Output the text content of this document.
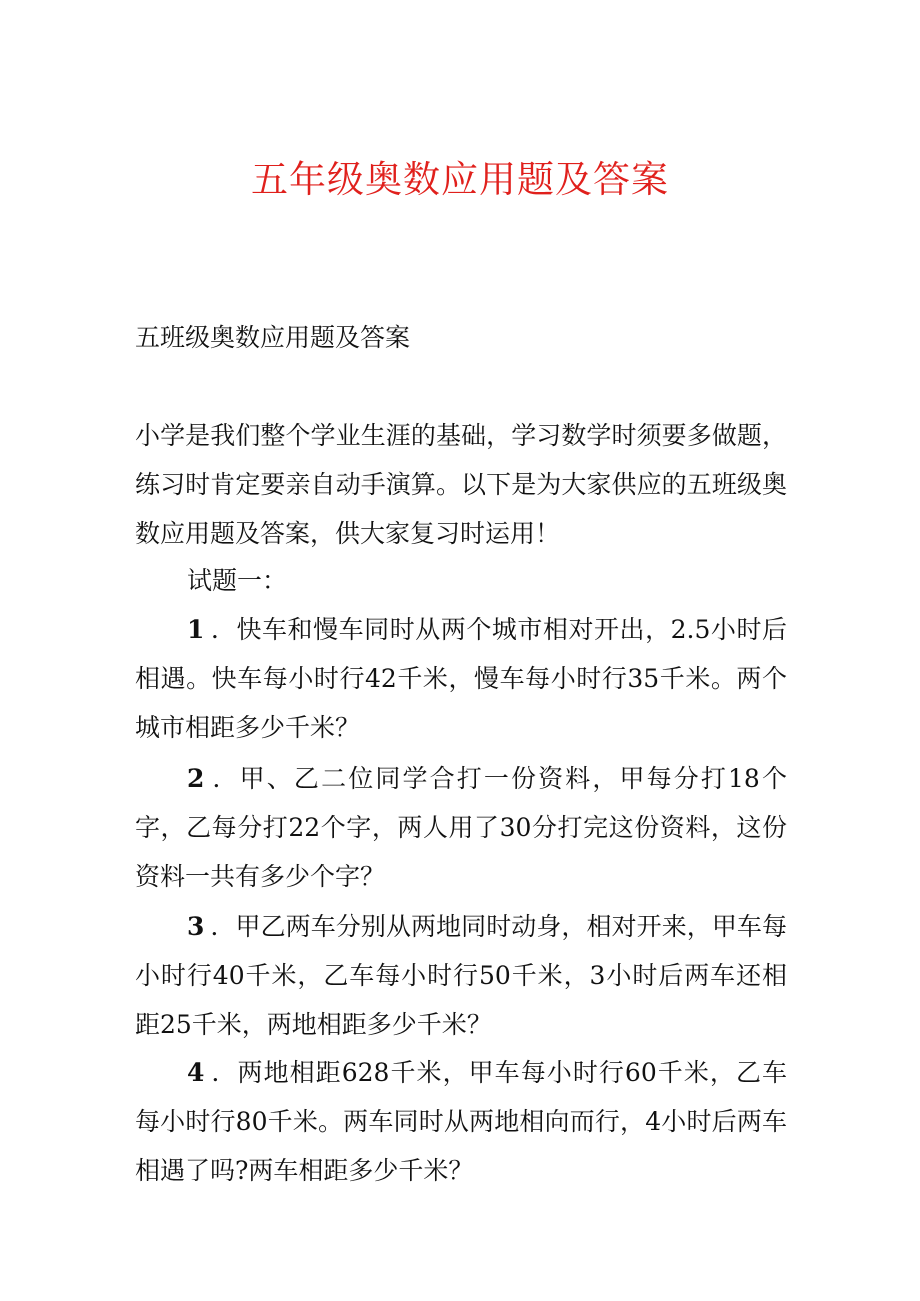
五年级奥数应用题及答案

五班级奥数应用题及答案

小学是我们整个学业生涯的基础，学习数学时须要多做题，练习时肯定要亲自动手演算。以下是为大家供应的五班级奥数应用题及答案，供大家复习时运用！

试题一：

1 ．快车和慢车同时从两个城市相对开出，2.5小时后相遇。快车每小时行42千米，慢车每小时行35千米。两个城市相距多少千米？

2 ．甲、乙二位同学合打一份资料，甲每分打18个字，乙每分打22个字，两人用了30分打完这份资料，这份资料一共有多少个字？

3 ．甲乙两车分别从两地同时动身，相对开来，甲车每小时行40千米，乙车每小时行50千米，3小时后两车还相距25千米，两地相距多少千米？

4 ．两地相距628千米，甲车每小时行60千米，乙车每小时行80千米。两车同时从两地相向而行，4小时后两车相遇了吗?两车相距多少千米？
